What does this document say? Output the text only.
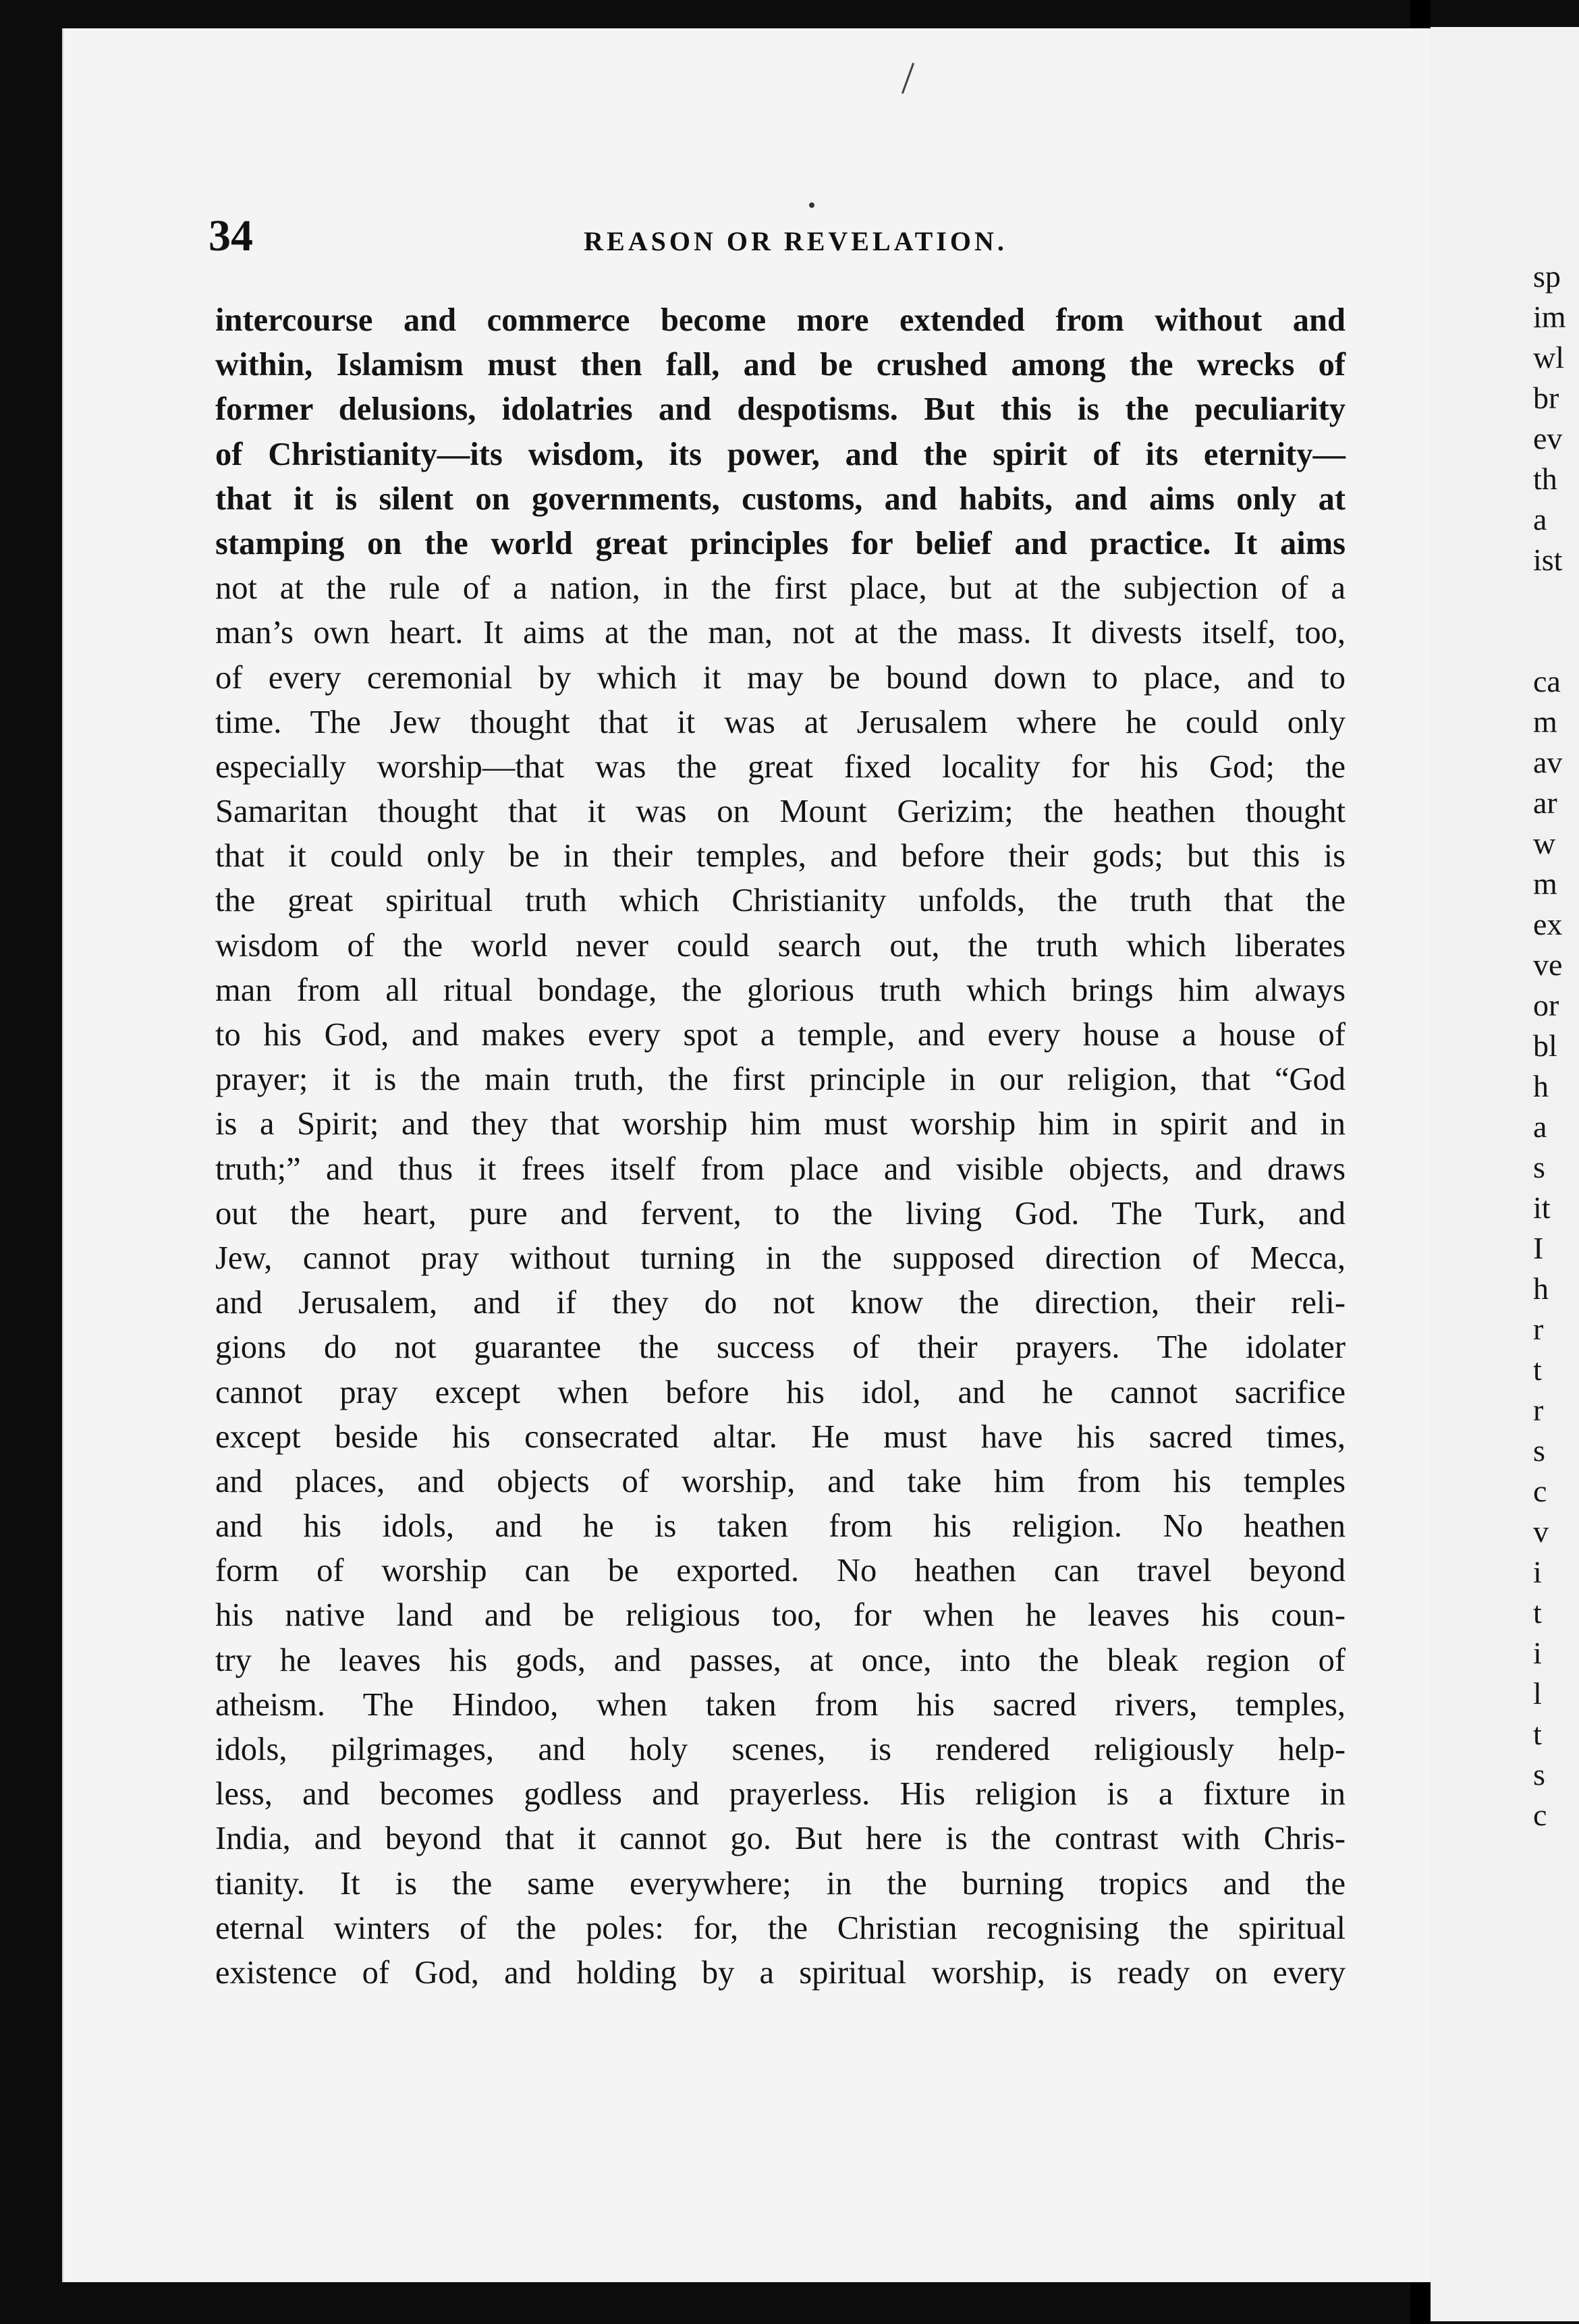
34	REASON OR REVELATION.
intercourse and commerce become more extended from without and
within, Islamism must then fall, and be crushed among the wrecks of
former delusions, idolatries and despotisms. But this is the peculiarity
of Christianity—its wisdom, its power, and the spirit of its eternity—
that it is silent on governments, customs, and habits, and aims only at
stamping on the world great principles for belief and practice. It aims
not at the rule of a nation, in the first place, but at the subjection of a
man’s own heart. It aims at the man, not at the mass. It divests itself, too,
of every ceremonial by which it may be bound down to place, and to
time. The Jew thought that it was at Jerusalem where he could only
especially worship—that was the great fixed locality for his God; the
Samaritan thought that it was on Mount Gerizim; the heathen thought
that it could only be in their temples, and before their gods; but this is
the great spiritual truth which Christianity unfolds, the truth that the
wisdom of the world never could search out, the truth which liberates
man from all ritual bondage, the glorious truth which brings him always
to his God, and makes every spot a temple, and every house a house of
prayer; it is the main truth, the first principle in our religion, that “God
is a Spirit; and they that worship him must worship him in spirit and in
truth;” and thus it frees itself from place and visible objects, and draws
out the heart, pure and fervent, to the living God. The Turk, and
Jew, cannot pray without turning in the supposed direction of Mecca,
and Jerusalem, and if they do not know the direction, their reli-
gions do not guarantee the success of their prayers. The idolater
cannot pray except when before his idol, and he cannot sacrifice
except beside his consecrated altar. He must have his sacred times,
and places, and objects of worship, and take him from his temples
and his idols, and he is taken from his religion. No heathen
form of worship can be exported. No heathen can travel beyond
his native land and be religious too, for when he leaves his coun-
try he leaves his gods, and passes, at once, into the bleak region of
atheism. The Hindoo, when taken from his sacred rivers, temples,
idols, pilgrimages, and holy scenes, is rendered religiously help-
less, and becomes godless and prayerless. His religion is a fixture in
India, and beyond that it cannot go. But here is the contrast with Chris-
tianity. It is the same everywhere; in the burning tropics and the
eternal winters of the poles: for, the Christian recognising the spiritual
existence of God, and holding by a spiritual worship, is ready on every
sp
im
wl
br
ev
th
a
ist
ca
m
av
ar
w
m
ex
ve
or
bl
h
a
s
it
I
h
r
t
r
s
c
v
i
t
i
l
t
s
c
